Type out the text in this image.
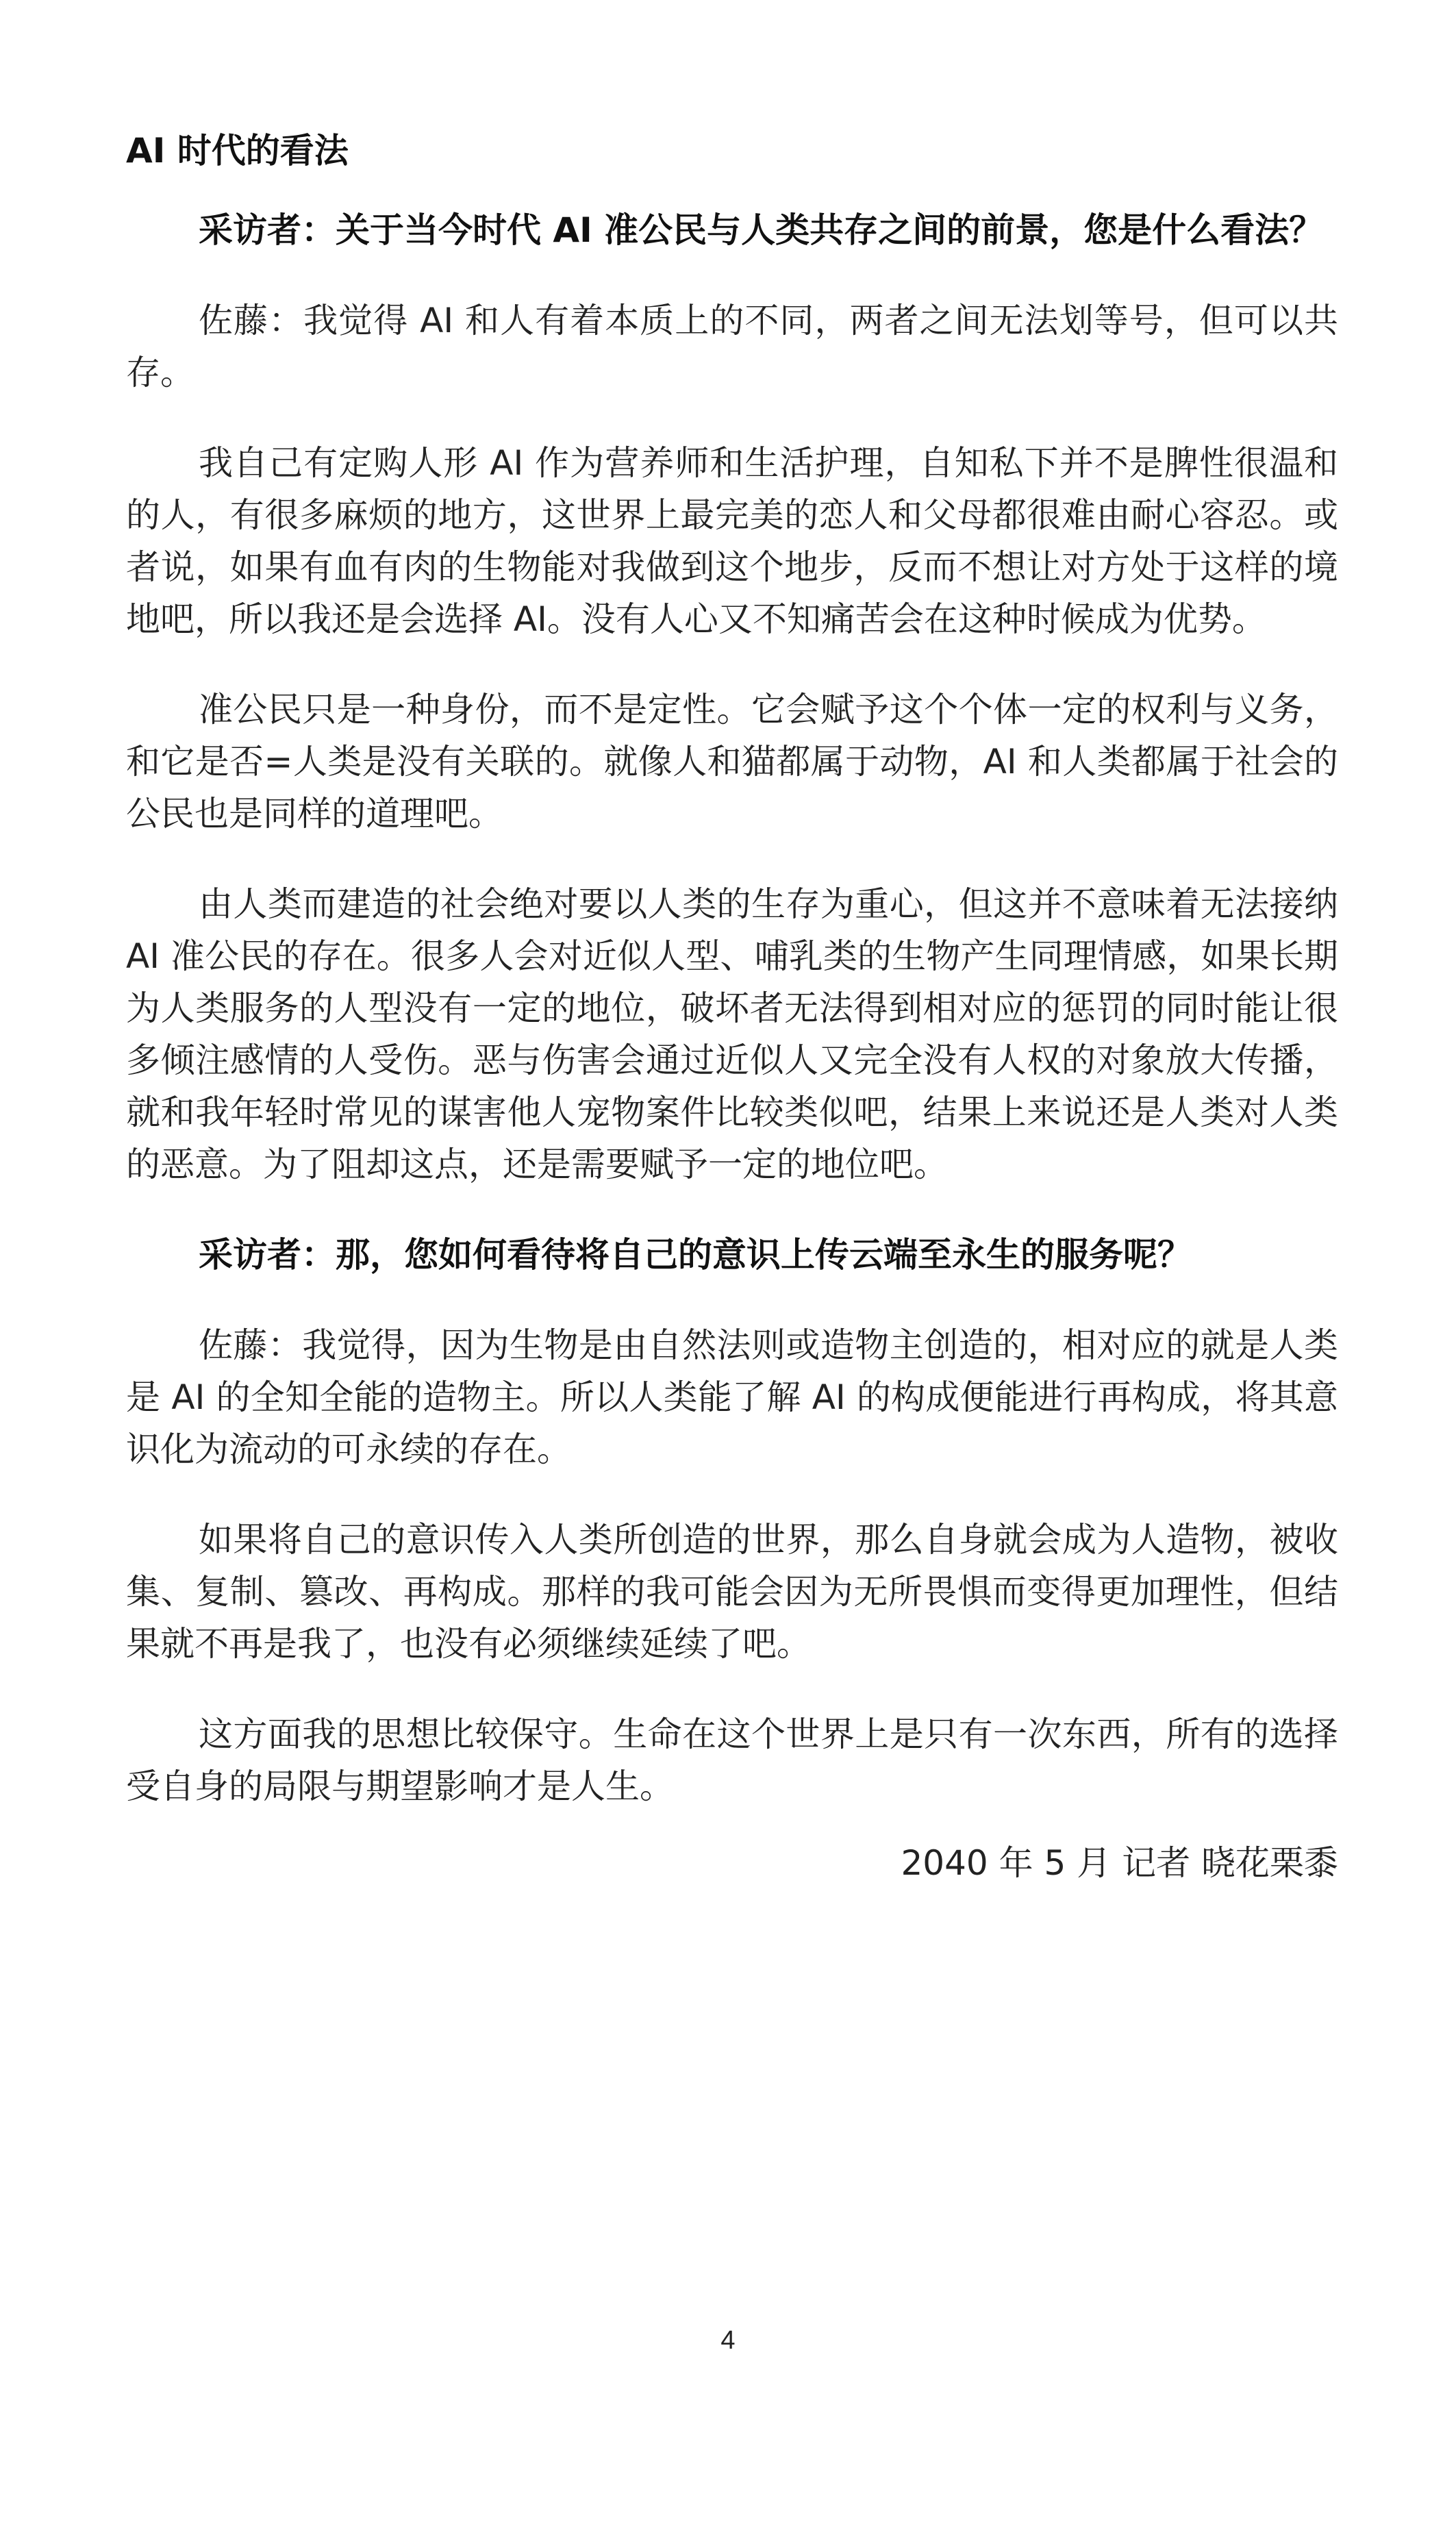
AI 时代的看法

采访者：关于当今时代 AI 准公民与人类共存之间的前景，您是什么看法？

佐藤：我觉得 AI 和人有着本质上的不同，两者之间无法划等号，但可以共存。

我自己有定购人形 AI 作为营养师和生活护理，自知私下并不是脾性很温和的人，有很多麻烦的地方，这世界上最完美的恋人和父母都很难由耐心容忍。或者说，如果有血有肉的生物能对我做到这个地步，反而不想让对方处于这样的境地吧，所以我还是会选择 AI。没有人心又不知痛苦会在这种时候成为优势。

准公民只是一种身份，而不是定性。它会赋予这个个体一定的权利与义务，和它是否=人类是没有关联的。就像人和猫都属于动物，AI 和人类都属于社会的公民也是同样的道理吧。

由人类而建造的社会绝对要以人类的生存为重心，但这并不意味着无法接纳 AI 准公民的存在。很多人会对近似人型、哺乳类的生物产生同理情感，如果长期为人类服务的人型没有一定的地位，破坏者无法得到相对应的惩罚的同时能让很多倾注感情的人受伤。恶与伤害会通过近似人又完全没有人权的对象放大传播，就和我年轻时常见的谋害他人宠物案件比较类似吧，结果上来说还是人类对人类的恶意。为了阻却这点，还是需要赋予一定的地位吧。

采访者：那，您如何看待将自己的意识上传云端至永生的服务呢？

佐藤：我觉得，因为生物是由自然法则或造物主创造的，相对应的就是人类是 AI 的全知全能的造物主。所以人类能了解 AI 的构成便能进行再构成，将其意识化为流动的可永续的存在。

如果将自己的意识传入人类所创造的世界，那么自身就会成为人造物，被收集、复制、篡改、再构成。那样的我可能会因为无所畏惧而变得更加理性，但结果就不再是我了，也没有必须继续延续了吧。

这方面我的思想比较保守。生命在这个世界上是只有一次东西，所有的选择受自身的局限与期望影响才是人生。

2040 年 5 月 记者 晓花栗黍
4
